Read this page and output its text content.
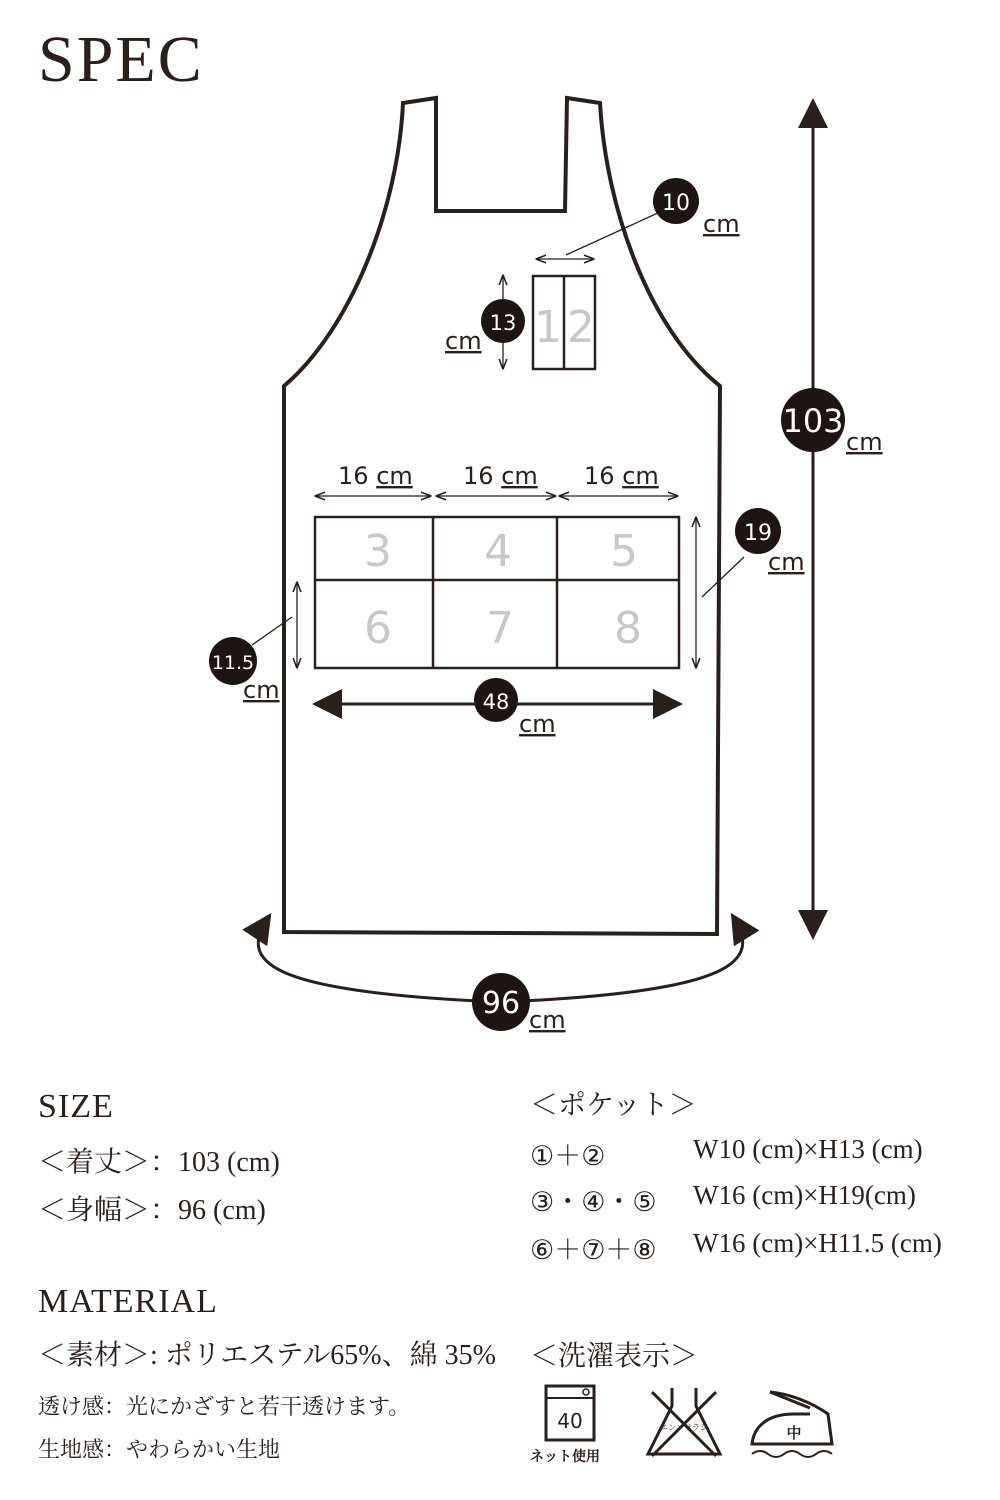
SPEC
1 2
10
cm
13
cm
103
cm
16 cm 16 cm 16 cm
3 4 5
6 7 8
19
cm
11.5
cm	48
cm
96 cm
SIZE
＜着丈＞：103 (cm)
＜身幅＞：96 (cm)
MATERIAL
＜素材＞: ポリエステル65%、綿 35%
透け感：光にかざすと若干透けます。
生地感：やわらかい生地
＜ポケット＞
①＋②	W10 (cm)×H13 (cm)
③・④・⑤ W16 (cm)×H19(cm)
⑥＋⑦＋⑧ W16 (cm)×H11.5 (cm)
＜洗濯表示＞
40
ネット使用
エンソサラシ	中
